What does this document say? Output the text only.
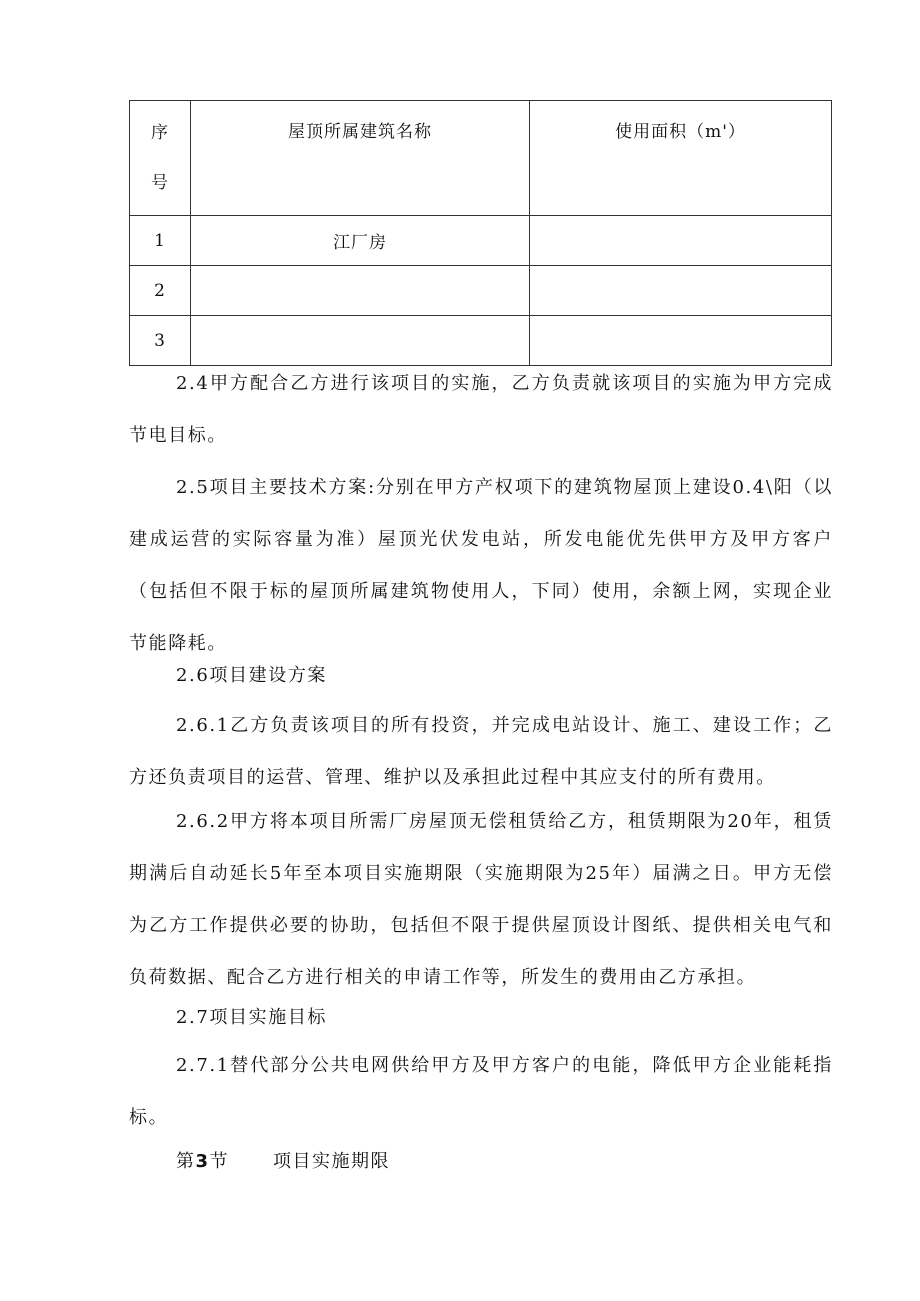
序
号	屋顶所属建筑名称	使用面积（m'）
1	江厂房	
2		
3		

2.4甲方配合乙方进行该项目的实施，乙方负责就该项目的实施为甲方完成节电目标。

2.5项目主要技术方案:分别在甲方产权项下的建筑物屋顶上建设0.4\阳（以建成运营的实际容量为准）屋顶光伏发电站，所发电能优先供甲方及甲方客户（包括但不限于标的屋顶所属建筑物使用人，下同）使用，余额上网，实现企业节能降耗。

2.6项目建设方案

2.6.1乙方负责该项目的所有投资，并完成电站设计、施工、建设工作；乙方还负责项目的运营、管理、维护以及承担此过程中其应支付的所有费用。

2.6.2甲方将本项目所需厂房屋顶无偿租赁给乙方，租赁期限为20年，租赁期满后自动延长5年至本项目实施期限（实施期限为25年）届满之日。甲方无偿为乙方工作提供必要的协助，包括但不限于提供屋顶设计图纸、提供相关电气和负荷数据、配合乙方进行相关的申请工作等，所发生的费用由乙方承担。

2.7项目实施目标

2.7.1替代部分公共电网供给甲方及甲方客户的电能，降低甲方企业能耗指标。

第3节 项目实施期限
